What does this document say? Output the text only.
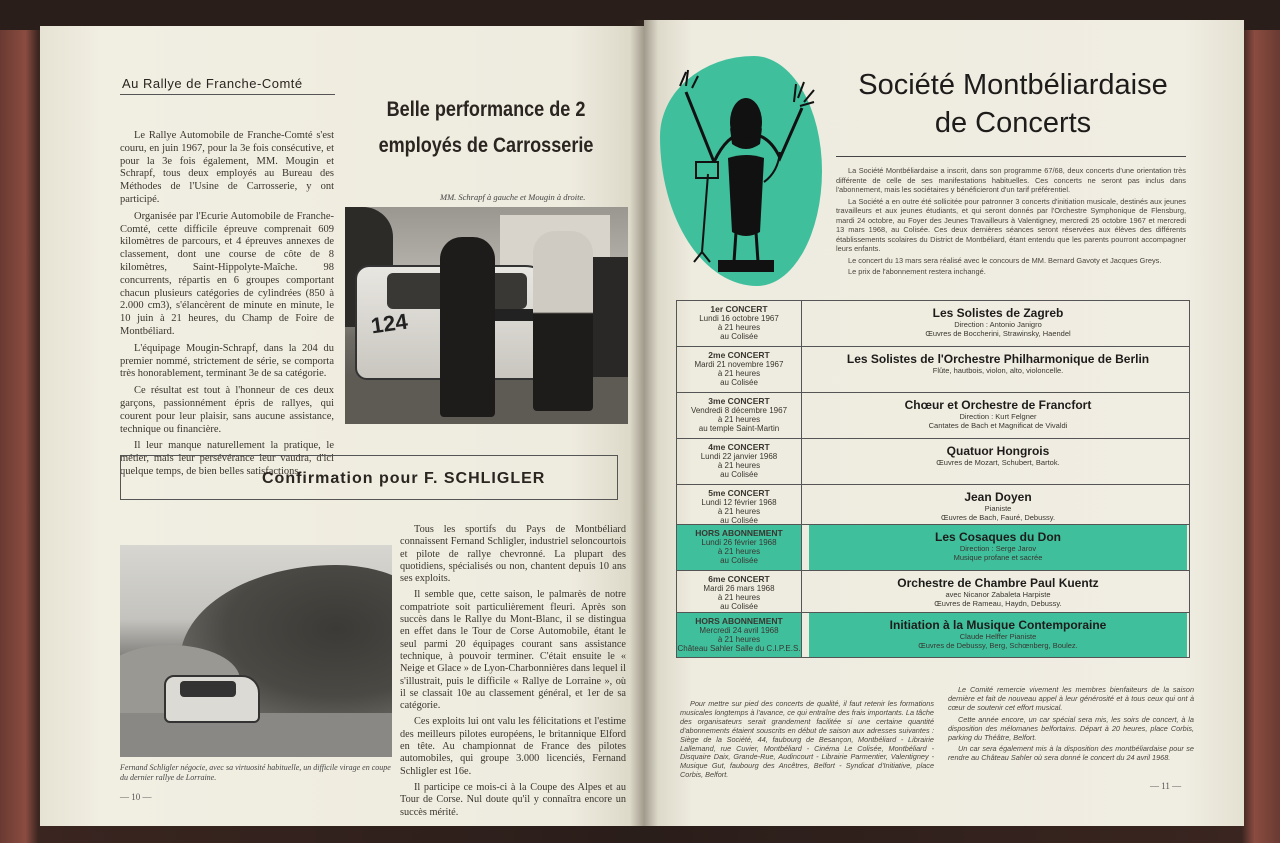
Au Rallye de Franche-Comté
Belle performance de 2 employés de Carrosserie

Le Rallye Automobile de Franche-Comté s'est couru, en juin 1967, pour la 3e fois consécutive, et pour la 3e fois également, MM. Mougin et Schrapf, tous deux employés au Bureau des Méthodes de l'Usine de Carrosserie, y ont participé.

Organisée par l'Ecurie Automobile de Franche-Comté, cette difficile épreuve comprenait 609 kilomètres de parcours, et 4 épreuves annexes de classement, dont une course de côte de 8 kilomètres, Saint-Hippolyte-Maîche. 98 concurrents, répartis en 6 groupes comportant chacun plusieurs catégories de cylindrées (850 à 2.000 cm3), s'élancèrent de minute en minute, le 10 juin à 21 heures, du Champ de Foire de Montbéliard.

L'équipage Mougin-Schrapf, dans la 204 du premier nommé, strictement de série, se comporta très honorablement, terminant 3e de sa catégorie.

Ce résultat est tout à l'honneur de ces deux garçons, passionnément épris de rallyes, qui courent pour leur plaisir, sans aucune assistance, technique ou financière.

Il leur manque naturellement la pratique, le métier, mais leur persévérance leur vaudra, d'ici quelque temps, de bien belles satisfactions.

MM. Schrapf à gauche et Mougin à droite.
124
Confirmation pour F. SCHLIGLER
Fernand Schligler négocie, avec sa virtuosité habituelle, un difficile virage en coupe du dernier rallye de Lorraine.

Tous les sportifs du Pays de Montbéliard connaissent Fernand Schligler, industriel seloncourtois et pilote de rallye chevronné. La plupart des quotidiens, spécialisés ou non, chantent depuis 10 ans ses exploits.

Il semble que, cette saison, le palmarès de notre compatriote soit particulièrement fleuri. Après son succès dans le Rallye du Mont-Blanc, il se distingua en effet dans le Tour de Corse Automobile, étant le seul parmi 20 équipages courant sans assistance technique, à pouvoir terminer. C'était ensuite le « Neige et Glace » de Lyon-Charbonnières dans lequel il s'illustrait, puis le difficile « Rallye de Lorraine », où il se classait 10e au classement général, et 1er de sa catégorie.

Ces exploits lui ont valu les félicitations et l'estime des meilleurs pilotes européens, le britannique Elford en tête. Au championnat de France des pilotes automobiles, qui groupe 3.000 licenciés, Fernand Schligler est 16e.

Il participe ce mois-ci à la Coupe des Alpes et au Tour de Corse. Nul doute qu'il y connaîtra encore un succès mérité.

— 10 —
Société Montbéliardaise
de Concerts

La Société Montbéliardaise a inscrit, dans son programme 67/68, deux concerts d'une orientation très différente de celle de ses manifestations habituelles. Ces concerts ne seront pas inclus dans l'abonnement, mais les sociétaires y bénéficieront d'un tarif préférentiel.

La Société a en outre été sollicitée pour patronner 3 concerts d'initiation musicale, destinés aux jeunes travailleurs et aux jeunes étudiants, et qui seront donnés par l'Orchestre Symphonique de Flensburg, mardi 24 octobre, au Foyer des Jeunes Travailleurs à Valentigney, mercredi 25 octobre 1967 et mercredi 13 mars 1968, au Colisée. Ces deux dernières séances seront réservées aux élèves des différents établissements scolaires du District de Montbéliard, étant entendu que les parents pourront accompagner leurs enfants.

Le concert du 13 mars sera réalisé avec le concours de MM. Bernard Gavoty et Jacques Greys.

Le prix de l'abonnement restera inchangé.

1er CONCERT
Lundi 16 octobre 1967
à 21 heures
au Colisée
Les Solistes de Zagreb
Direction : Antonio Janigro
Œuvres de Boccherini, Strawinsky, Haendel
2me CONCERT
Mardi 21 novembre 1967
à 21 heures
au Colisée
Les Solistes de l'Orchestre Philharmonique de Berlin
Flûte, hautbois, violon, alto, violoncelle.
3me CONCERT
Vendredi 8 décembre 1967
à 21 heures
au temple Saint-Martin
Chœur et Orchestre de Francfort
Direction : Kurt Felgner
Cantates de Bach et Magnificat de Vivaldi
4me CONCERT
Lundi 22 janvier 1968
à 21 heures
au Colisée
Quatuor Hongrois
Œuvres de Mozart, Schubert, Bartok.
5me CONCERT
Lundi 12 février 1968
à 21 heures
au Colisée
Jean Doyen
Pianiste
Œuvres de Bach, Fauré, Debussy.
HORS ABONNEMENT
Lundi 26 février 1968
à 21 heures
au Colisée
Les Cosaques du Don
Direction : Serge Jarov
Musique profane et sacrée
6me CONCERT
Mardi 26 mars 1968
à 21 heures
au Colisée
Orchestre de Chambre Paul Kuentz
avec Nicanor Zabaleta Harpiste
Œuvres de Rameau, Haydn, Debussy.
HORS ABONNEMENT
Mercredi 24 avril 1968
à 21 heures
Château Sahler Salle du C.I.P.E.S.
Initiation à la Musique Contemporaine
Claude Helffer Pianiste
Œuvres de Debussy, Berg, Schœnberg, Boulez.

Pour mettre sur pied des concerts de qualité, il faut retenir les formations musicales longtemps à l'avance, ce qui entraîne des frais importants. La tâche des organisateurs serait grandement facilitée si une certaine quantité d'abonnements étaient souscrits en début de saison aux adresses suivantes : Siège de la Société, 44, faubourg de Besançon, Montbéliard - Librairie Lallemand, rue Cuvier, Montbéliard - Cinéma Le Colisée, Montbéliard - Disquaire Daix, Grande-Rue, Audincourt - Librairie Parmentier, Valentigney - Musique Gut, faubourg des Ancêtres, Belfort - Syndicat d'Initiative, place Corbis, Belfort.

Le Comité remercie vivement les membres bienfaiteurs de la saison dernière et fait de nouveau appel à leur générosité et à tous ceux qui ont à cœur de soutenir cet effort musical.

Cette année encore, un car spécial sera mis, les soirs de concert, à la disposition des mélomanes belfortains. Départ à 20 heures, place Corbis, parking du Théâtre, Belfort.

Un car sera également mis à la disposition des montbéliardaise pour se rendre au Château Sahler où sera donné le concert du 24 avril 1968.

— 11 —
